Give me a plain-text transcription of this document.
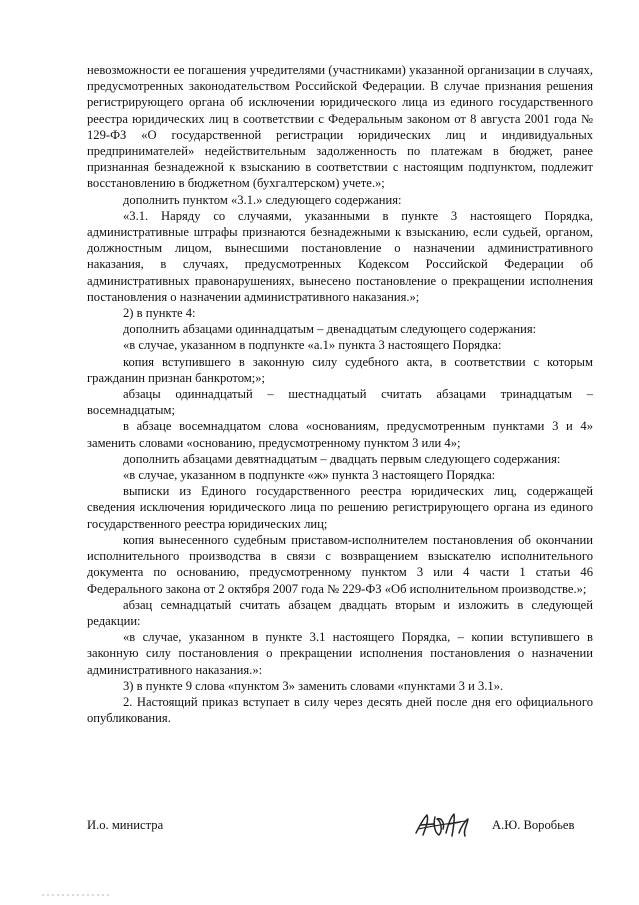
невозможности ее погашения учредителями (участниками) указанной организации в случаях, предусмотренных законодательством Российской Федерации. В случае признания решения регистрирующего органа об исключении юридического лица из единого государственного реестра юридических лиц в соответствии с Федеральным законом от 8 августа 2001 года № 129-ФЗ «О государственной регистрации юридических лиц и индивидуальных предпринимателей» недействительным задолженность по платежам в бюджет, ранее признанная безнадежной к взысканию в соответствии с настоящим подпунктом, подлежит восстановлению в бюджетном (бухгалтерском) учете.»;

дополнить пунктом «3.1.» следующего содержания:

«3.1. Наряду со случаями, указанными в пункте 3 настоящего Порядка, административные штрафы признаются безнадежными к взысканию, если судьей, органом, должностным лицом, вынесшими постановление о назначении административного наказания, в случаях, предусмотренных Кодексом Российской Федерации об административных правонарушениях, вынесено постановление о прекращении исполнения постановления о назначении административного наказания.»;

2) в пункте 4:

дополнить абзацами одиннадцатым – двенадцатым следующего содержания:

«в случае, указанном в подпункте «а.1» пункта 3 настоящего Порядка:

копия вступившего в законную силу судебного акта, в соответствии с которым гражданин признан банкротом;»;

абзацы одиннадцатый – шестнадцатый считать абзацами тринадцатым – восемнадцатым;

в абзаце восемнадцатом слова «основаниям, предусмотренным пунктами 3 и 4» заменить словами «основанию, предусмотренному пунктом 3 или 4»;

дополнить абзацами девятнадцатым – двадцать первым следующего содержания:

«в случае, указанном в подпункте «ж» пункта 3 настоящего Порядка:

выписки из Единого государственного реестра юридических лиц, содержащей сведения исключения юридического лица по решению регистрирующего органа из единого государственного реестра юридических лиц;

копия вынесенного судебным приставом-исполнителем постановления об окончании исполнительного производства в связи с возвращением взыскателю исполнительного документа по основанию, предусмотренному пунктом 3 или 4 части 1 статьи 46 Федерального закона от 2 октября 2007 года № 229-ФЗ «Об исполнительном производстве.»;

абзац семнадцатый считать абзацем двадцать вторым и изложить в следующей редакции:

«в случае, указанном в пункте 3.1 настоящего Порядка, – копии вступившего в законную силу постановления о прекращении исполнения постановления о назначении административного наказания.»:

3) в пункте 9 слова «пунктом 3» заменить словами «пунктами 3 и 3.1».

2. Настоящий приказ вступает в силу через десять дней после дня его официального опубликования.

И.о. министра	А.Ю. Воробьев
